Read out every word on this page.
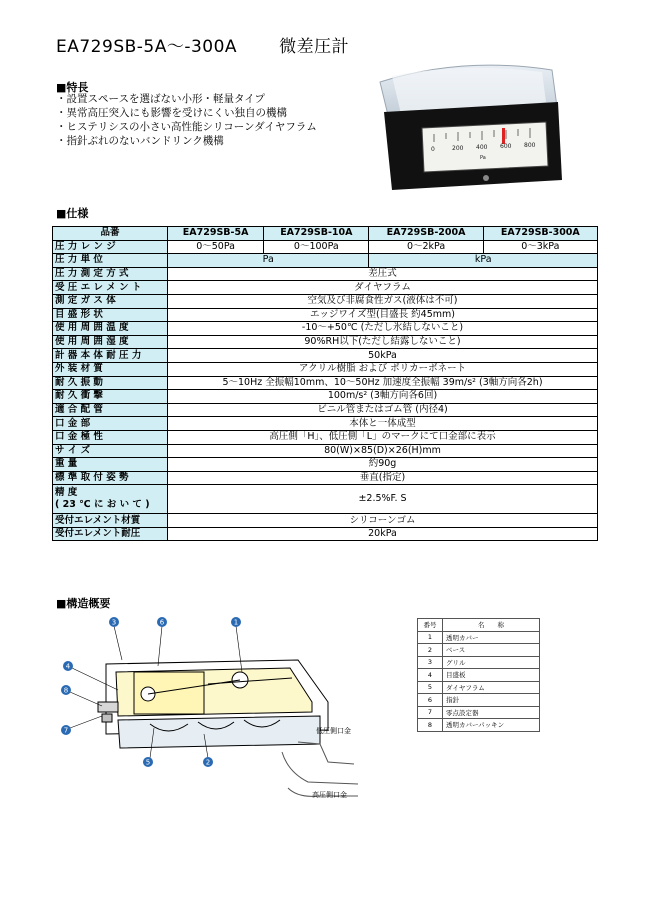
EA729SB-5A〜-300A 微差圧計
■特長
・設置スペースを選ばない小形・軽量タイプ
・異常高圧突入にも影響を受けにくい独自の機構
・ヒステリシスの小さい高性能シリコーンダイヤフラム
・指針ぶれのないバンドリンク機構
0	200 400 600 800
Pa
■仕様
品番	EA729SB-5A	EA729SB-10A	EA729SB-200A	EA729SB-300A
圧 力 レ ン ジ	0〜50Pa	0〜100Pa	0〜2kPa	0〜3kPa
圧 力 単 位	Pa		kPa	
圧 力 測 定 方 式	差圧式			
受 圧 エ レ メ ン ト	ダイヤフラム			
測 定 ガ ス 体	空気及び非腐食性ガス(液体は不可)			
目 盛 形 状	エッジワイズ型(目盛長 約45mm)			
使 用 周 囲 温 度	-10〜+50℃ (ただし氷結しないこと)			
使 用 周 囲 湿 度	90%RH以下(ただし結露しないこと)			
計 器 本 体 耐 圧 力	50kPa			
外 装 材 質	アクリル樹脂 および ポリカーボネート			
耐 久 振 動	5〜10Hz 全振幅10mm、10〜50Hz 加速度全振幅 39m/s² (3軸方向各2h)			
耐 久 衝 撃	100m/s² (3軸方向各6回)			
適 合 配 管	ビニル管またはゴム管 (内径4)			
口 金 部	本体と一体成型			
口 金 極 性	高圧側「H」、低圧側「L」のマークにて口金部に表示			
サ イ ズ	80(W)×85(D)×26(H)mm			
重 量	約90g			
標 準 取 付 姿 勢	垂直(指定)			

精 度
( 23 ℃ に お い て )	±2.5%F. S			
受付エレメント材質	シリコーンゴム			
受付エレメント耐圧	20kPa			
■構造概要
3	6	1
4
8
7
5	2
低圧側口金
高圧側口金
番号	名　　称
1	透明カバー
2	ベース
3	グリル
4	目盛板
5	ダイヤフラム
6	指針
7	零点設定器
8	透明カバーパッキン
